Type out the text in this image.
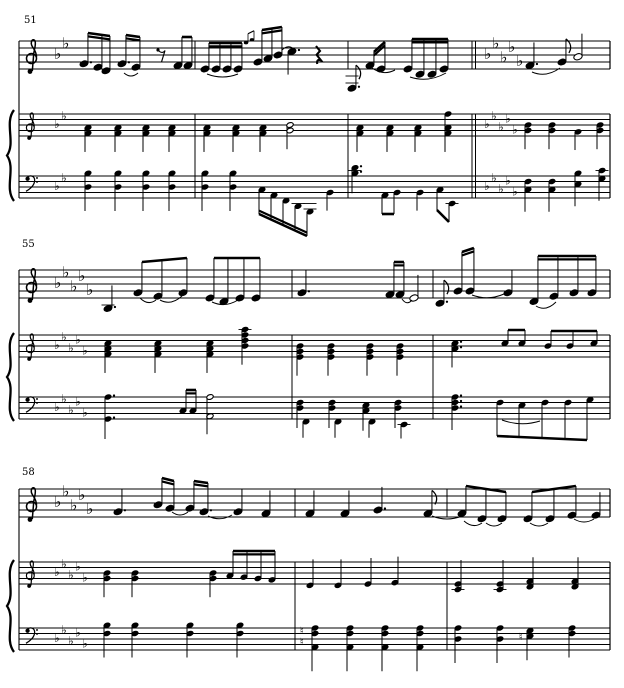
51
♭
♭
♭
♭
♭
♭
♭
♭
♭
♭
♭
♭
♭
♭
♭
♭
♭
♭
♭
♭
♭
55
♭
♭
♭
♭
♭
♭
♭
♭
♭
♭
♭
♭
♭
♭
♭
58
♭
♭
♭
♭
♭
♭
♭
♭
♭
♭
♭
♭
♭
♭
♭
♮
♮	♮
